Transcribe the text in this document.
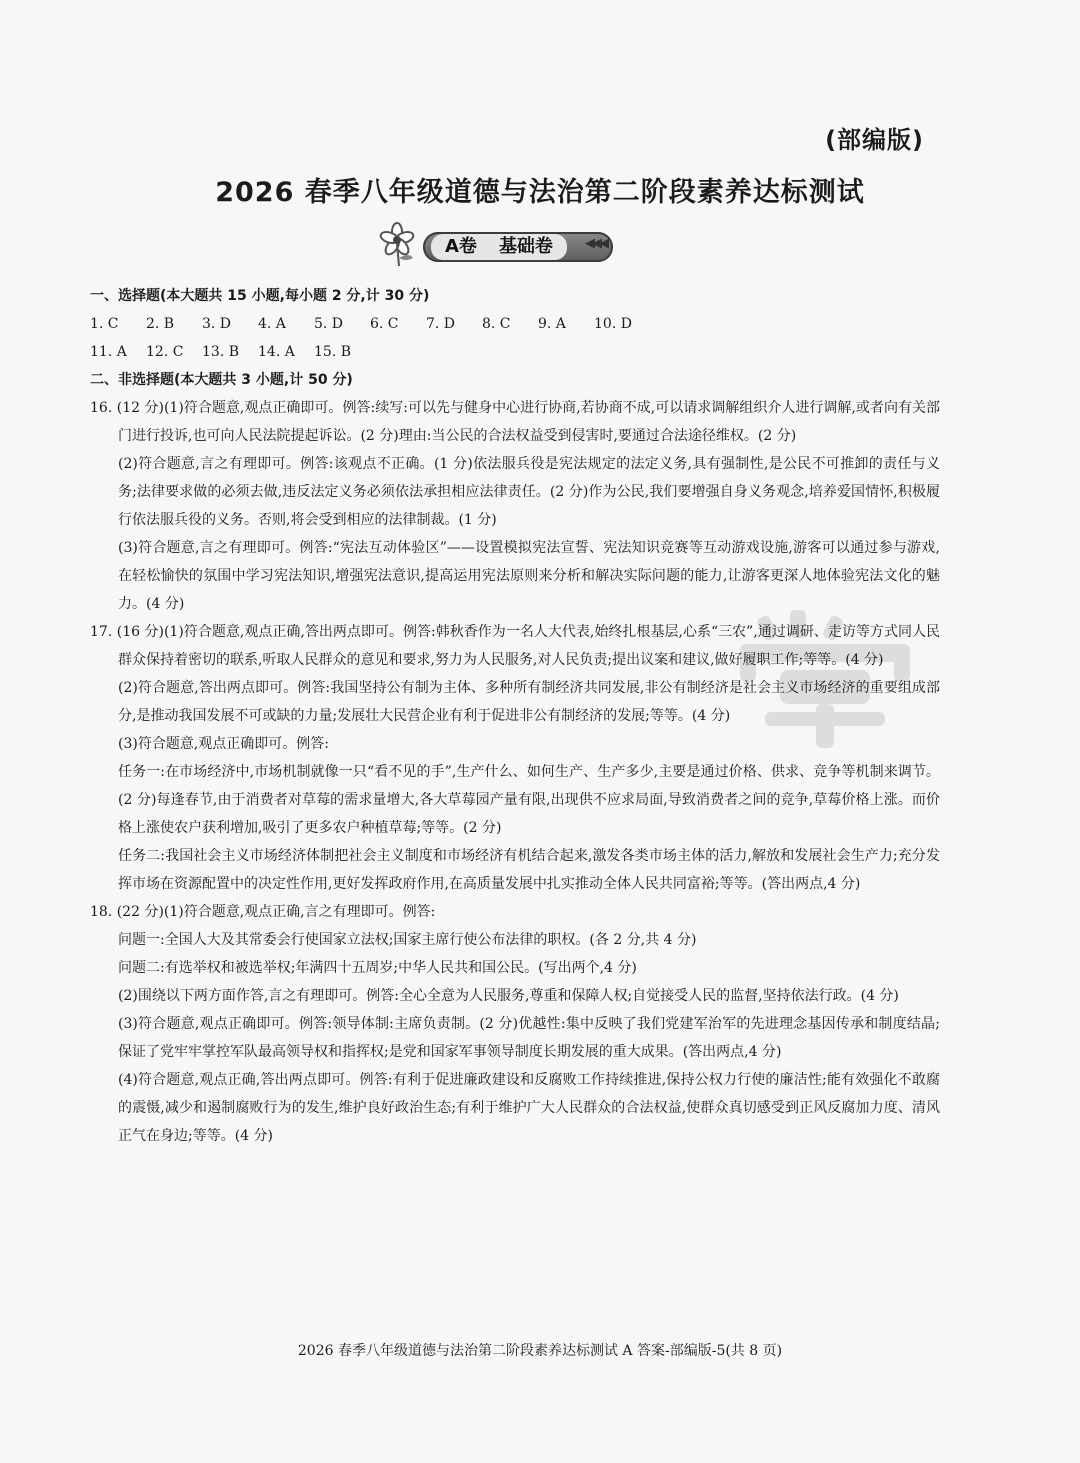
(部编版)
2026 春季八年级道德与法治第二阶段素养达标测试
A卷 基础卷 ◀◀◀
一、选择题(本大题共 15 小题,每小题 2 分,计 30 分)
1. C	2. B	3. D	4. A	5. D	6. C	7. D	8. C	9. A	10. D
11. A	12. C	13. B	14. A	15. B
二、非选择题(本大题共 3 小题,计 50 分)

16. (12 分)(1)符合题意,观点正确即可。例答:续写:可以先与健身中心进行协商,若协商不成,可以请求调解组织介人进行调解,或者向有关部门进行投诉,也可向人民法院提起诉讼。(2 分)理由:当公民的合法权益受到侵害时,要通过合法途径维权。(2 分)

(2)符合题意,言之有理即可。例答:该观点不正确。(1 分)依法服兵役是宪法规定的法定义务,具有强制性,是公民不可推卸的责任与义务;法律要求做的必须去做,违反法定义务必须依法承担相应法律责任。(2 分)作为公民,我们要增强自身义务观念,培养爱国情怀,积极履行依法服兵役的义务。否则,将会受到相应的法律制裁。(1 分)

(3)符合题意,言之有理即可。例答:“宪法互动体验区”——设置模拟宪法宣誓、宪法知识竞赛等互动游戏设施,游客可以通过参与游戏,在轻松愉快的氛围中学习宪法知识,增强宪法意识,提高运用宪法原则来分析和解决实际问题的能力,让游客更深人地体验宪法文化的魅力。(4 分)

17. (16 分)(1)符合题意,观点正确,答出两点即可。例答:韩秋香作为一名人大代表,始终扎根基层,心系“三农”,通过调研、走访等方式同人民群众保持着密切的联系,听取人民群众的意见和要求,努力为人民服务,对人民负责;提出议案和建议,做好履职工作;等等。(4 分)

(2)符合题意,答出两点即可。例答:我国坚持公有制为主体、多种所有制经济共同发展,非公有制经济是社会主义市场经济的重要组成部分,是推动我国发展不可或缺的力量;发展壮大民营企业有利于促进非公有制经济的发展;等等。(4 分)

(3)符合题意,观点正确即可。例答:

任务一:在市场经济中,市场机制就像一只“看不见的手”,生产什么、如何生产、生产多少,主要是通过价格、供求、竞争等机制来调节。(2 分)每逢春节,由于消费者对草莓的需求量增大,各大草莓园产量有限,出现供不应求局面,导致消费者之间的竞争,草莓价格上涨。而价格上涨使农户获利增加,吸引了更多农户种植草莓;等等。(2 分)

任务二:我国社会主义市场经济体制把社会主义制度和市场经济有机结合起来,激发各类市场主体的活力,解放和发展社会生产力;充分发挥市场在资源配置中的决定性作用,更好发挥政府作用,在高质量发展中扎实推动全体人民共同富裕;等等。(答出两点,4 分)

18. (22 分)(1)符合题意,观点正确,言之有理即可。例答:

问题一:全国人大及其常委会行使国家立法权;国家主席行使公布法律的职权。(各 2 分,共 4 分)

问题二:有选举权和被选举权;年满四十五周岁;中华人民共和国公民。(写出两个,4 分)

(2)围绕以下两方面作答,言之有理即可。例答:全心全意为人民服务,尊重和保障人权;自觉接受人民的监督,坚持依法行政。(4 分)

(3)符合题意,观点正确即可。例答:领导体制:主席负责制。(2 分)优越性:集中反映了我们党建军治军的先进理念基因传承和制度结晶;保证了党牢牢掌控军队最高领导权和指挥权;是党和国家军事领导制度长期发展的重大成果。(答出两点,4 分)

(4)符合题意,观点正确,答出两点即可。例答:有利于促进廉政建设和反腐败工作持续推进,保持公权力行使的廉洁性;能有效强化不敢腐的震慑,减少和遏制腐败行为的发生,维护良好政治生态;有利于维护广大人民群众的合法权益,使群众真切感受到正风反腐加力度、清风正气在身边;等等。(4 分)

2026 春季八年级道德与法治第二阶段素养达标测试 A 答案-部编版-5(共 8 页)
